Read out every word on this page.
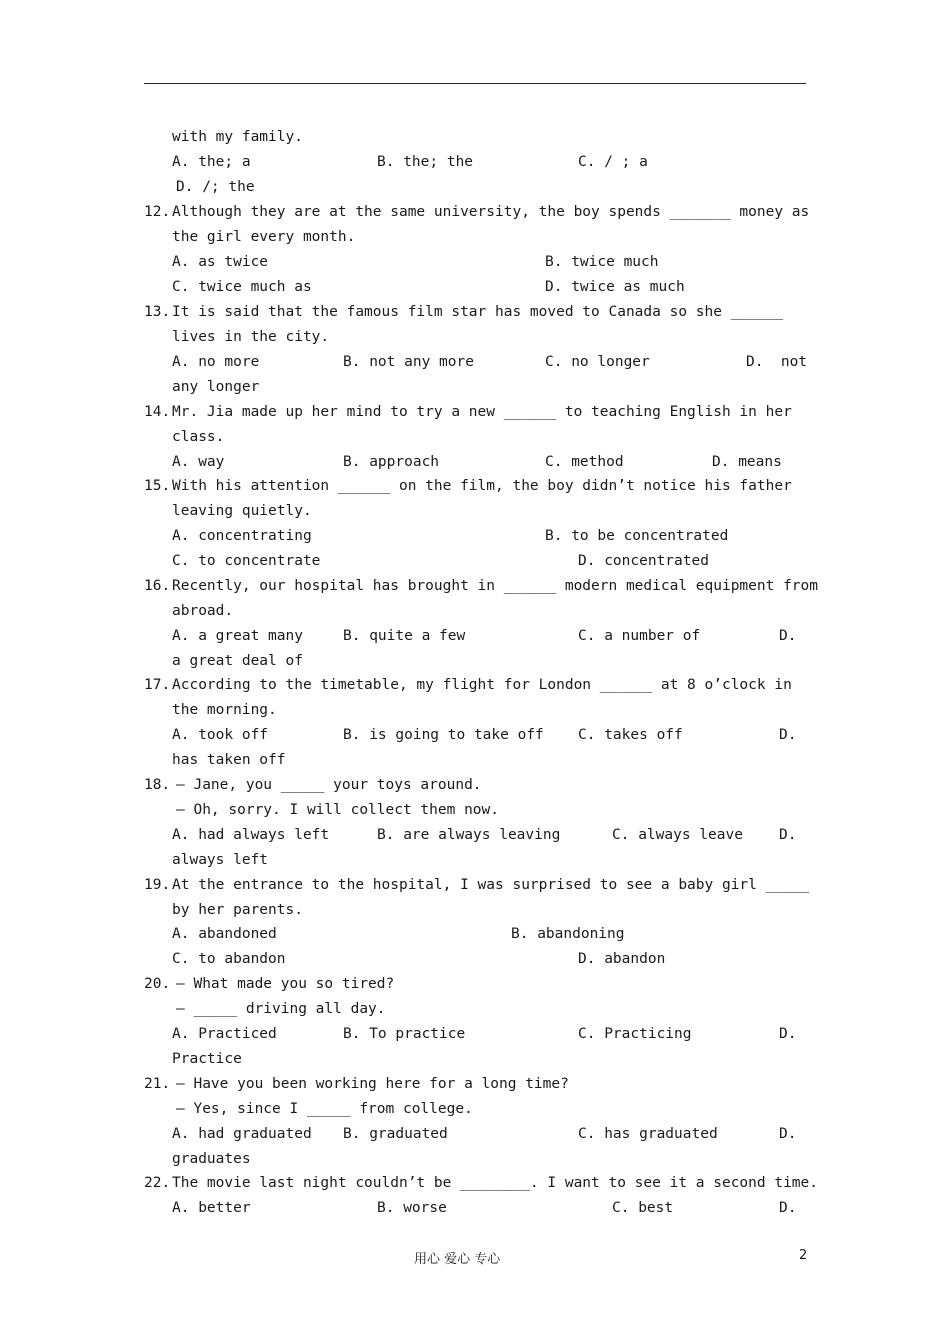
with my family.
A. the; a	B. the; the	C. / ; a
D. /; the
12. Although they are at the same university, the boy spends _______ money as
the girl every month.
A. as twice	B. twice much
C. twice much as	D. twice as much
13. It is said that the famous film star has moved to Canada so she ______
lives in the city.
A. no more	B. not any more	C. no longer	D.  not
any longer
14. Mr. Jia made up her mind to try a new ______ to teaching English in her
class.
A. way	B. approach	C. method	D. means
15. With his attention ______ on the film, the boy didn’t notice his father
leaving quietly.
A. concentrating	B. to be concentrated
C. to concentrate	D. concentrated
16. Recently, our hospital has brought in ______ modern medical equipment from
abroad.
A. a great many	B. quite a few	C. a number of	D.
a great deal of
17. According to the timetable, my flight for London ______ at 8 o’clock in
the morning.
A. took off	B. is going to take off C. takes off	D.
has taken off
18. – Jane, you _____ your toys around.
– Oh, sorry. I will collect them now.
A. had always left	B. are always leaving	C. always leave D.
always left
19. At the entrance to the hospital, I was surprised to see a baby girl _____
by her parents.
A. abandoned	B. abandoning
C. to abandon	D. abandon
20. – What made you so tired?
– _____ driving all day.
A. Practiced	B. To practice	C. Practicing	D.
Practice
21. – Have you been working here for a long time?
– Yes, since I _____ from college.
A. had graduated B. graduated	C. has graduated	D.
graduates
22. The movie last night couldn’t be ________. I want to see it a second time.
A. better	B. worse	C. best	D.
用心 爱心 专心	2
